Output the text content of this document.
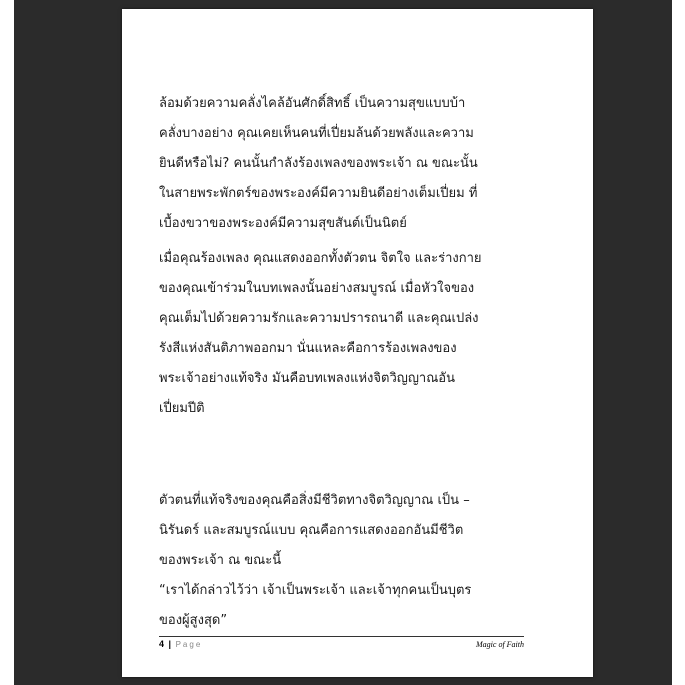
ล้อมด้วยความคลั่งไคล้อันศักดิ์สิทธิ์ เป็นความสุขแบบบ้า
คลั่งบางอย่าง คุณเคยเห็นคนที่เปี่ยมล้นด้วยพลังและความ
ยินดีหรือไม่? คนนั้นกำลังร้องเพลงของพระเจ้า ณ ขณะนั้น
ในสายพระพักตร์ของพระองค์มีความยินดีอย่างเต็มเปี่ยม ที่
เบื้องขวาของพระองค์มีความสุขสันต์เป็นนิตย์
เมื่อคุณร้องเพลง คุณแสดงออกทั้งตัวตน จิตใจ และร่างกาย
ของคุณเข้าร่วมในบทเพลงนั้นอย่างสมบูรณ์ เมื่อหัวใจของ
คุณเต็มไปด้วยความรักและความปรารถนาดี และคุณเปล่ง
รังสีแห่งสันติภาพออกมา นั่นแหละคือการร้องเพลงของ
พระเจ้าอย่างแท้จริง มันคือบทเพลงแห่งจิตวิญญาณอัน
เปี่ยมปีติ
ตัวตนที่แท้จริงของคุณคือสิ่งมีชีวิตทางจิตวิญญาณ เป็น –
นิรันดร์ และสมบูรณ์แบบ คุณคือการแสดงออกอันมีชีวิต
ของพระเจ้า ณ ขณะนี้
“เราได้กล่าวไว้ว่า เจ้าเป็นพระเจ้า และเจ้าทุกคนเป็นบุตร
ของผู้สูงสุด”
4 | Page	Magic of Faith
